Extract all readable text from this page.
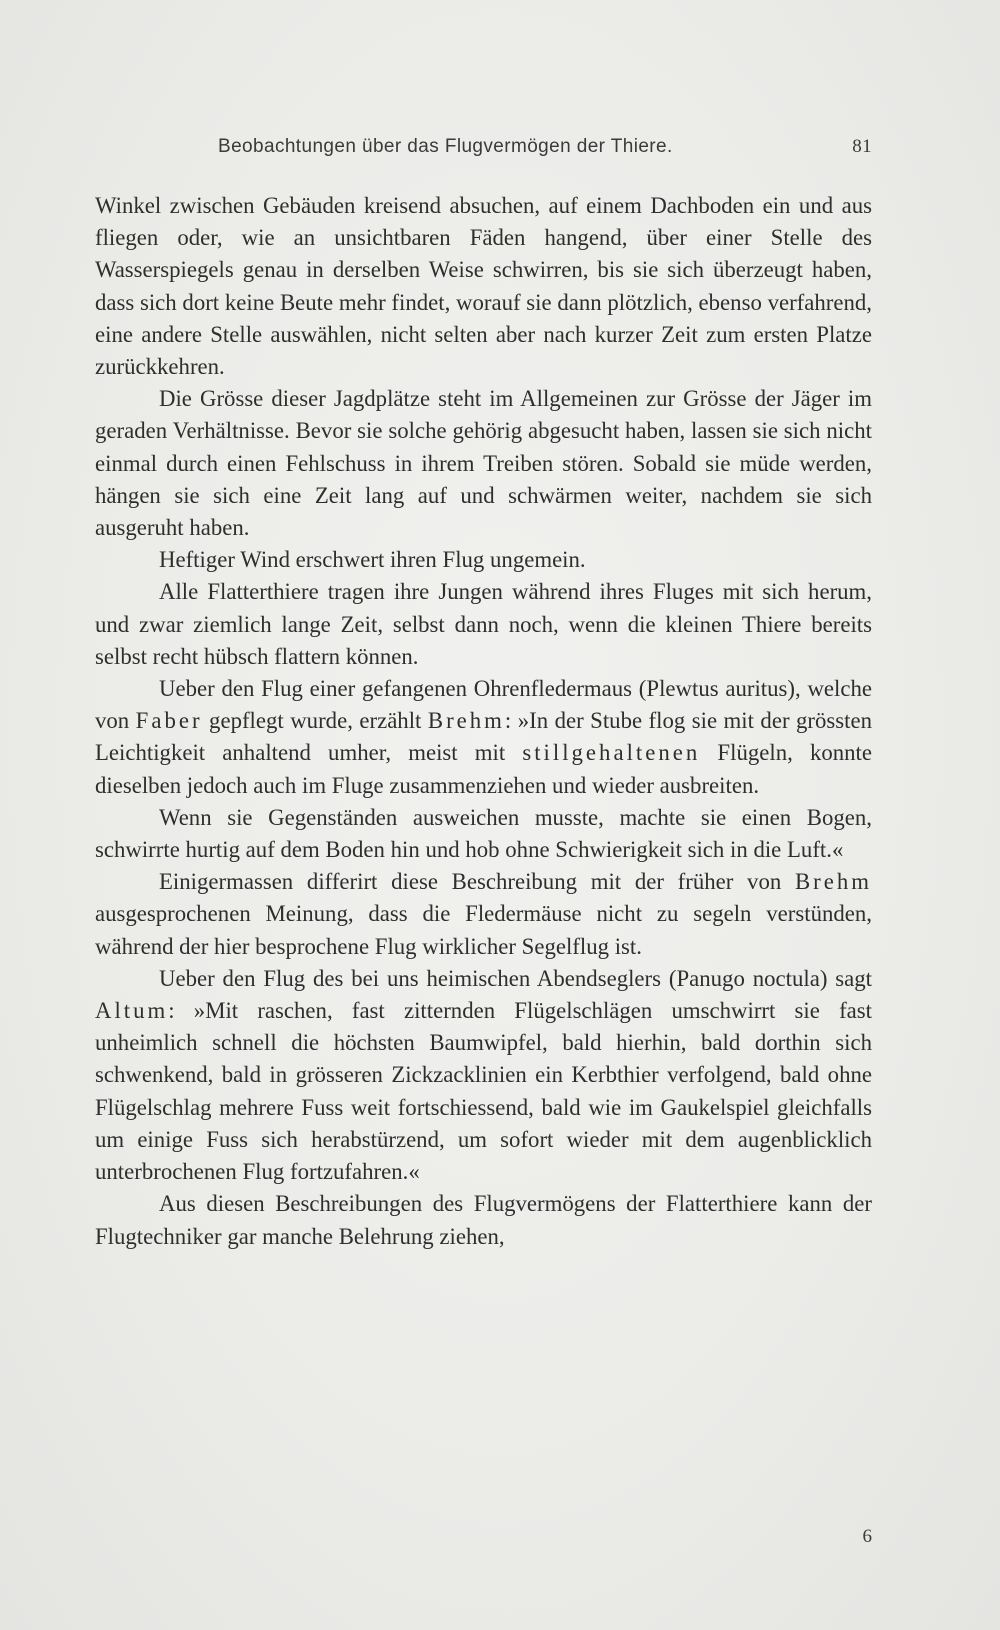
Beobachtungen über das Flugvermögen der Thiere.	81

Winkel zwischen Gebäuden kreisend absuchen, auf einem Dachboden ein und aus fliegen oder, wie an unsichtbaren Fäden hangend, über einer Stelle des Wasserspiegels genau in derselben Weise schwirren, bis sie sich überzeugt haben, dass sich dort keine Beute mehr findet, worauf sie dann plötzlich, ebenso verfahrend, eine andere Stelle auswählen, nicht selten aber nach kurzer Zeit zum ersten Platze zurückkehren.

Die Grösse dieser Jagdplätze steht im Allgemeinen zur Grösse der Jäger im geraden Verhältnisse. Bevor sie solche gehörig abgesucht haben, lassen sie sich nicht einmal durch einen Fehlschuss in ihrem Treiben stören. Sobald sie müde werden, hängen sie sich eine Zeit lang auf und schwärmen weiter, nachdem sie sich ausgeruht haben.

Heftiger Wind erschwert ihren Flug ungemein.

Alle Flatterthiere tragen ihre Jungen während ihres Fluges mit sich herum, und zwar ziemlich lange Zeit, selbst dann noch, wenn die kleinen Thiere bereits selbst recht hübsch flattern können.

Ueber den Flug einer gefangenen Ohrenfledermaus (Plewtus auritus), welche von Faber gepflegt wurde, erzählt Brehm: »In der Stube flog sie mit der grössten Leichtigkeit anhaltend umher, meist mit stillgehaltenen Flügeln, konnte dieselben jedoch auch im Fluge zusammenziehen und wieder ausbreiten.

Wenn sie Gegenständen ausweichen musste, machte sie einen Bogen, schwirrte hurtig auf dem Boden hin und hob ohne Schwierigkeit sich in die Luft.«

Einigermassen differirt diese Beschreibung mit der früher von Brehm ausgesprochenen Meinung, dass die Fledermäuse nicht zu segeln verstünden, während der hier besprochene Flug wirklicher Segelflug ist.

Ueber den Flug des bei uns heimischen Abendseglers (Panugo noctula) sagt Altum: »Mit raschen, fast zitternden Flügelschlägen umschwirrt sie fast unheimlich schnell die höchsten Baumwipfel, bald hierhin, bald dorthin sich schwenkend, bald in grösseren Zickzacklinien ein Kerbthier verfolgend, bald ohne Flügelschlag mehrere Fuss weit fortschiessend, bald wie im Gaukelspiel gleichfalls um einige Fuss sich herabstürzend, um sofort wieder mit dem augenblicklich unterbrochenen Flug fortzufahren.«

Aus diesen Beschreibungen des Flugvermögens der Flatterthiere kann der Flugtechniker gar manche Belehrung ziehen,

6
